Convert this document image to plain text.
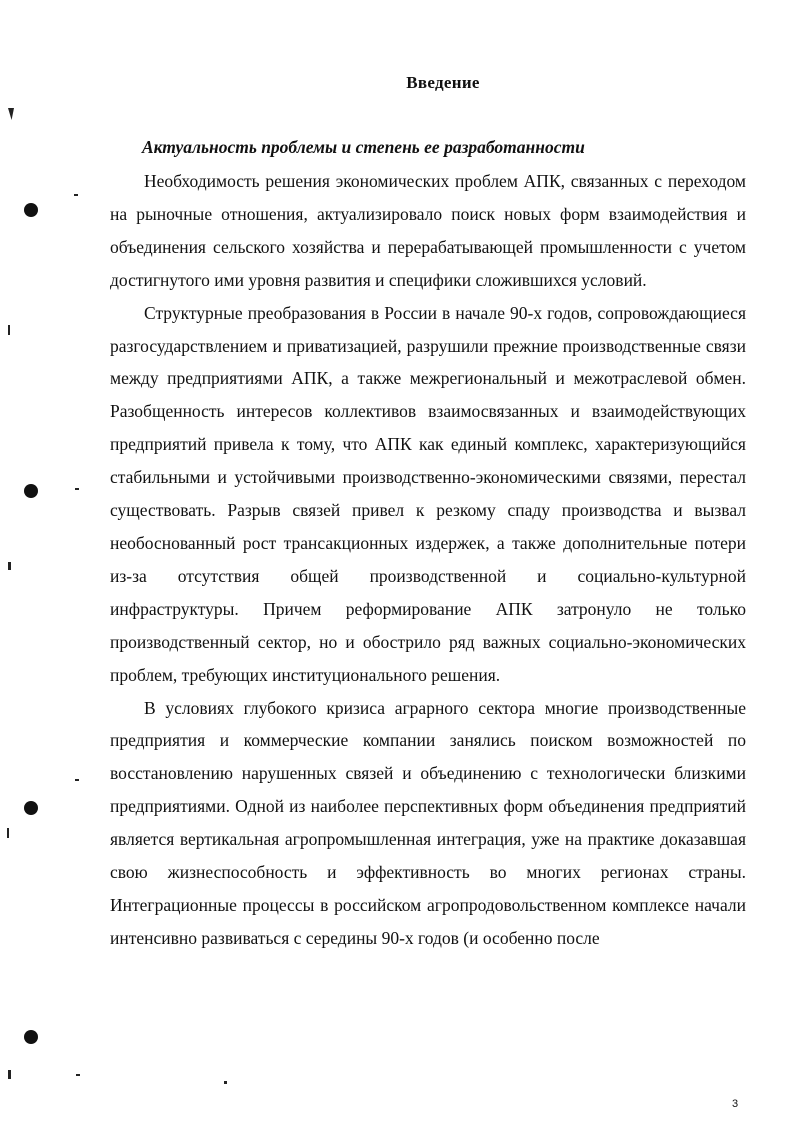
Введение
Актуальность проблемы и степень ее разработанности

Необходимость решения экономических проблем АПК, связанных с переходом на рыночные отношения, актуализировало поиск новых форм взаимодействия и объединения сельского хозяйства и перерабатывающей промышленности с учетом достигнутого ими уровня развития и специфики сложившихся условий.

Структурные преобразования в России в начале 90-х годов, сопровождающиеся разгосударствлением и приватизацией, разрушили прежние производственные связи между предприятиями АПК, а также межрегиональный и межотраслевой обмен. Разобщенность интересов коллективов взаимосвязанных и взаимодействующих предприятий привела к тому, что АПК как единый комплекс, характеризующийся стабильными и устойчивыми производственно-экономическими связями, перестал существовать. Разрыв связей привел к резкому спаду производства и вызвал необоснованный рост трансакционных издержек, а также дополнительные потери из-за отсутствия общей производственной и социально-культурной инфраструктуры. Причем реформирование АПК затронуло не только производственный сектор, но и обострило ряд важных социально-экономических проблем, требующих институционального решения.

В условиях глубокого кризиса аграрного сектора многие производственные предприятия и коммерческие компании занялись поиском возможностей по восстановлению нарушенных связей и объединению с технологически близкими предприятиями. Одной из наиболее перспективных форм объединения предприятий является вертикальная агропромышленная интеграция, уже на практике доказавшая свою жизнеспособность и эффективность во многих регионах страны. Интеграционные процессы в российском агропродовольственном комплексе начали интенсивно развиваться с середины 90-х годов (и особенно после

3
